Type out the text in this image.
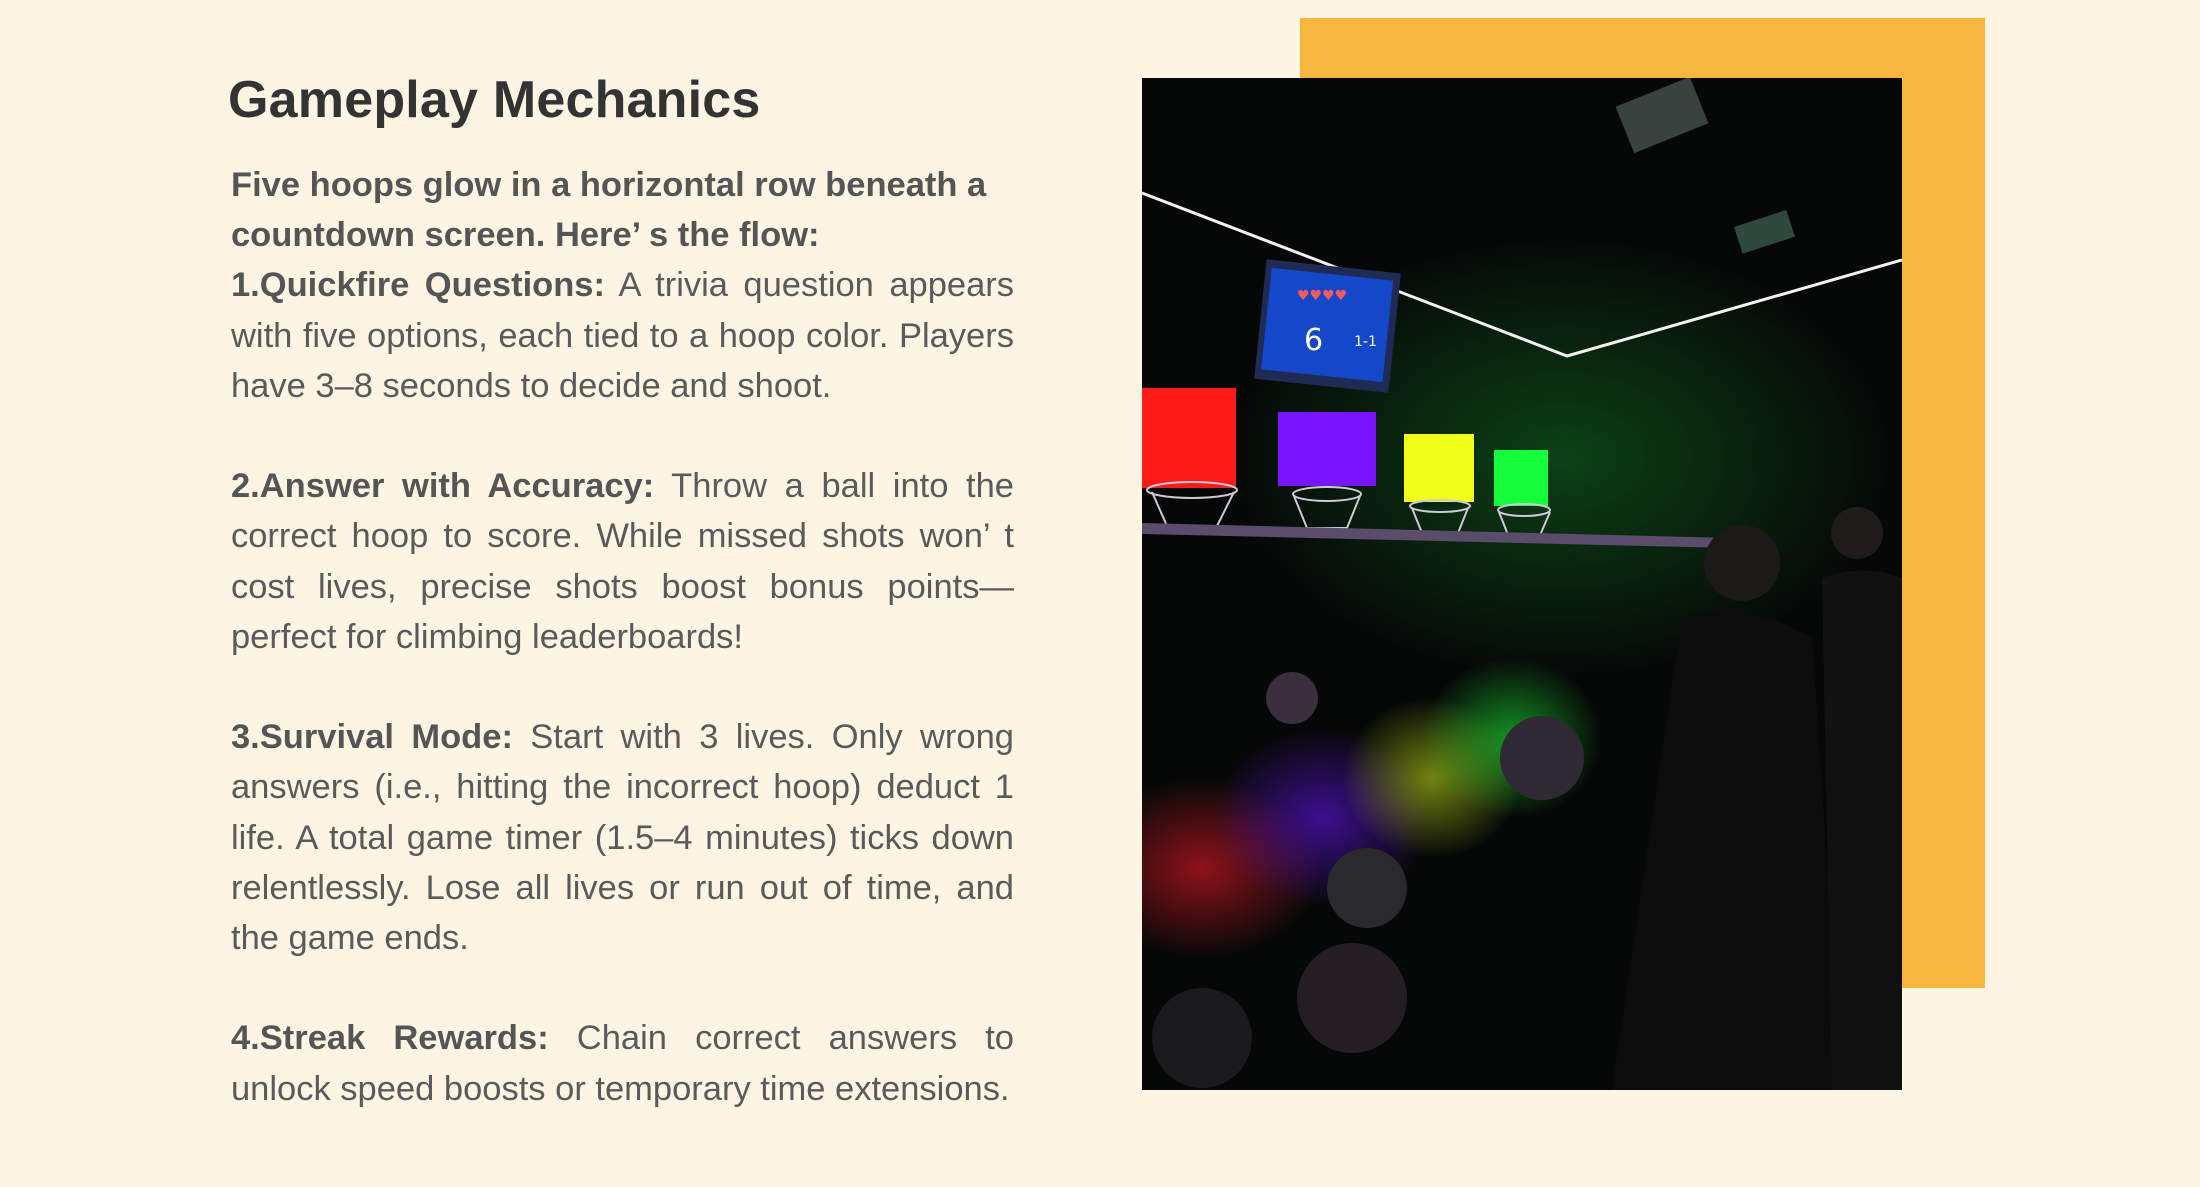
Gameplay Mechanics

Five hoops glow in a horizontal row beneath a countdown screen. Here’ s the flow:

1.Quickfire Questions: A trivia question appears with five options, each tied to a hoop color. Players have 3–8 seconds to decide and shoot.

2.Answer with Accuracy: Throw a ball into the correct hoop to score. While missed shots won’ t cost lives, precise shots boost bonus points—perfect for climbing leaderboards!

3.Survival Mode: Start with 3 lives. Only wrong answers (i.e., hitting the incorrect hoop) deduct 1 life. A total game timer (1.5–4 minutes) ticks down relentlessly. Lose all lives or run out of time, and the game ends.

4.Streak Rewards: Chain correct answers to unlock speed boosts or temporary time extensions.

6 1-1
♥♥♥♥
